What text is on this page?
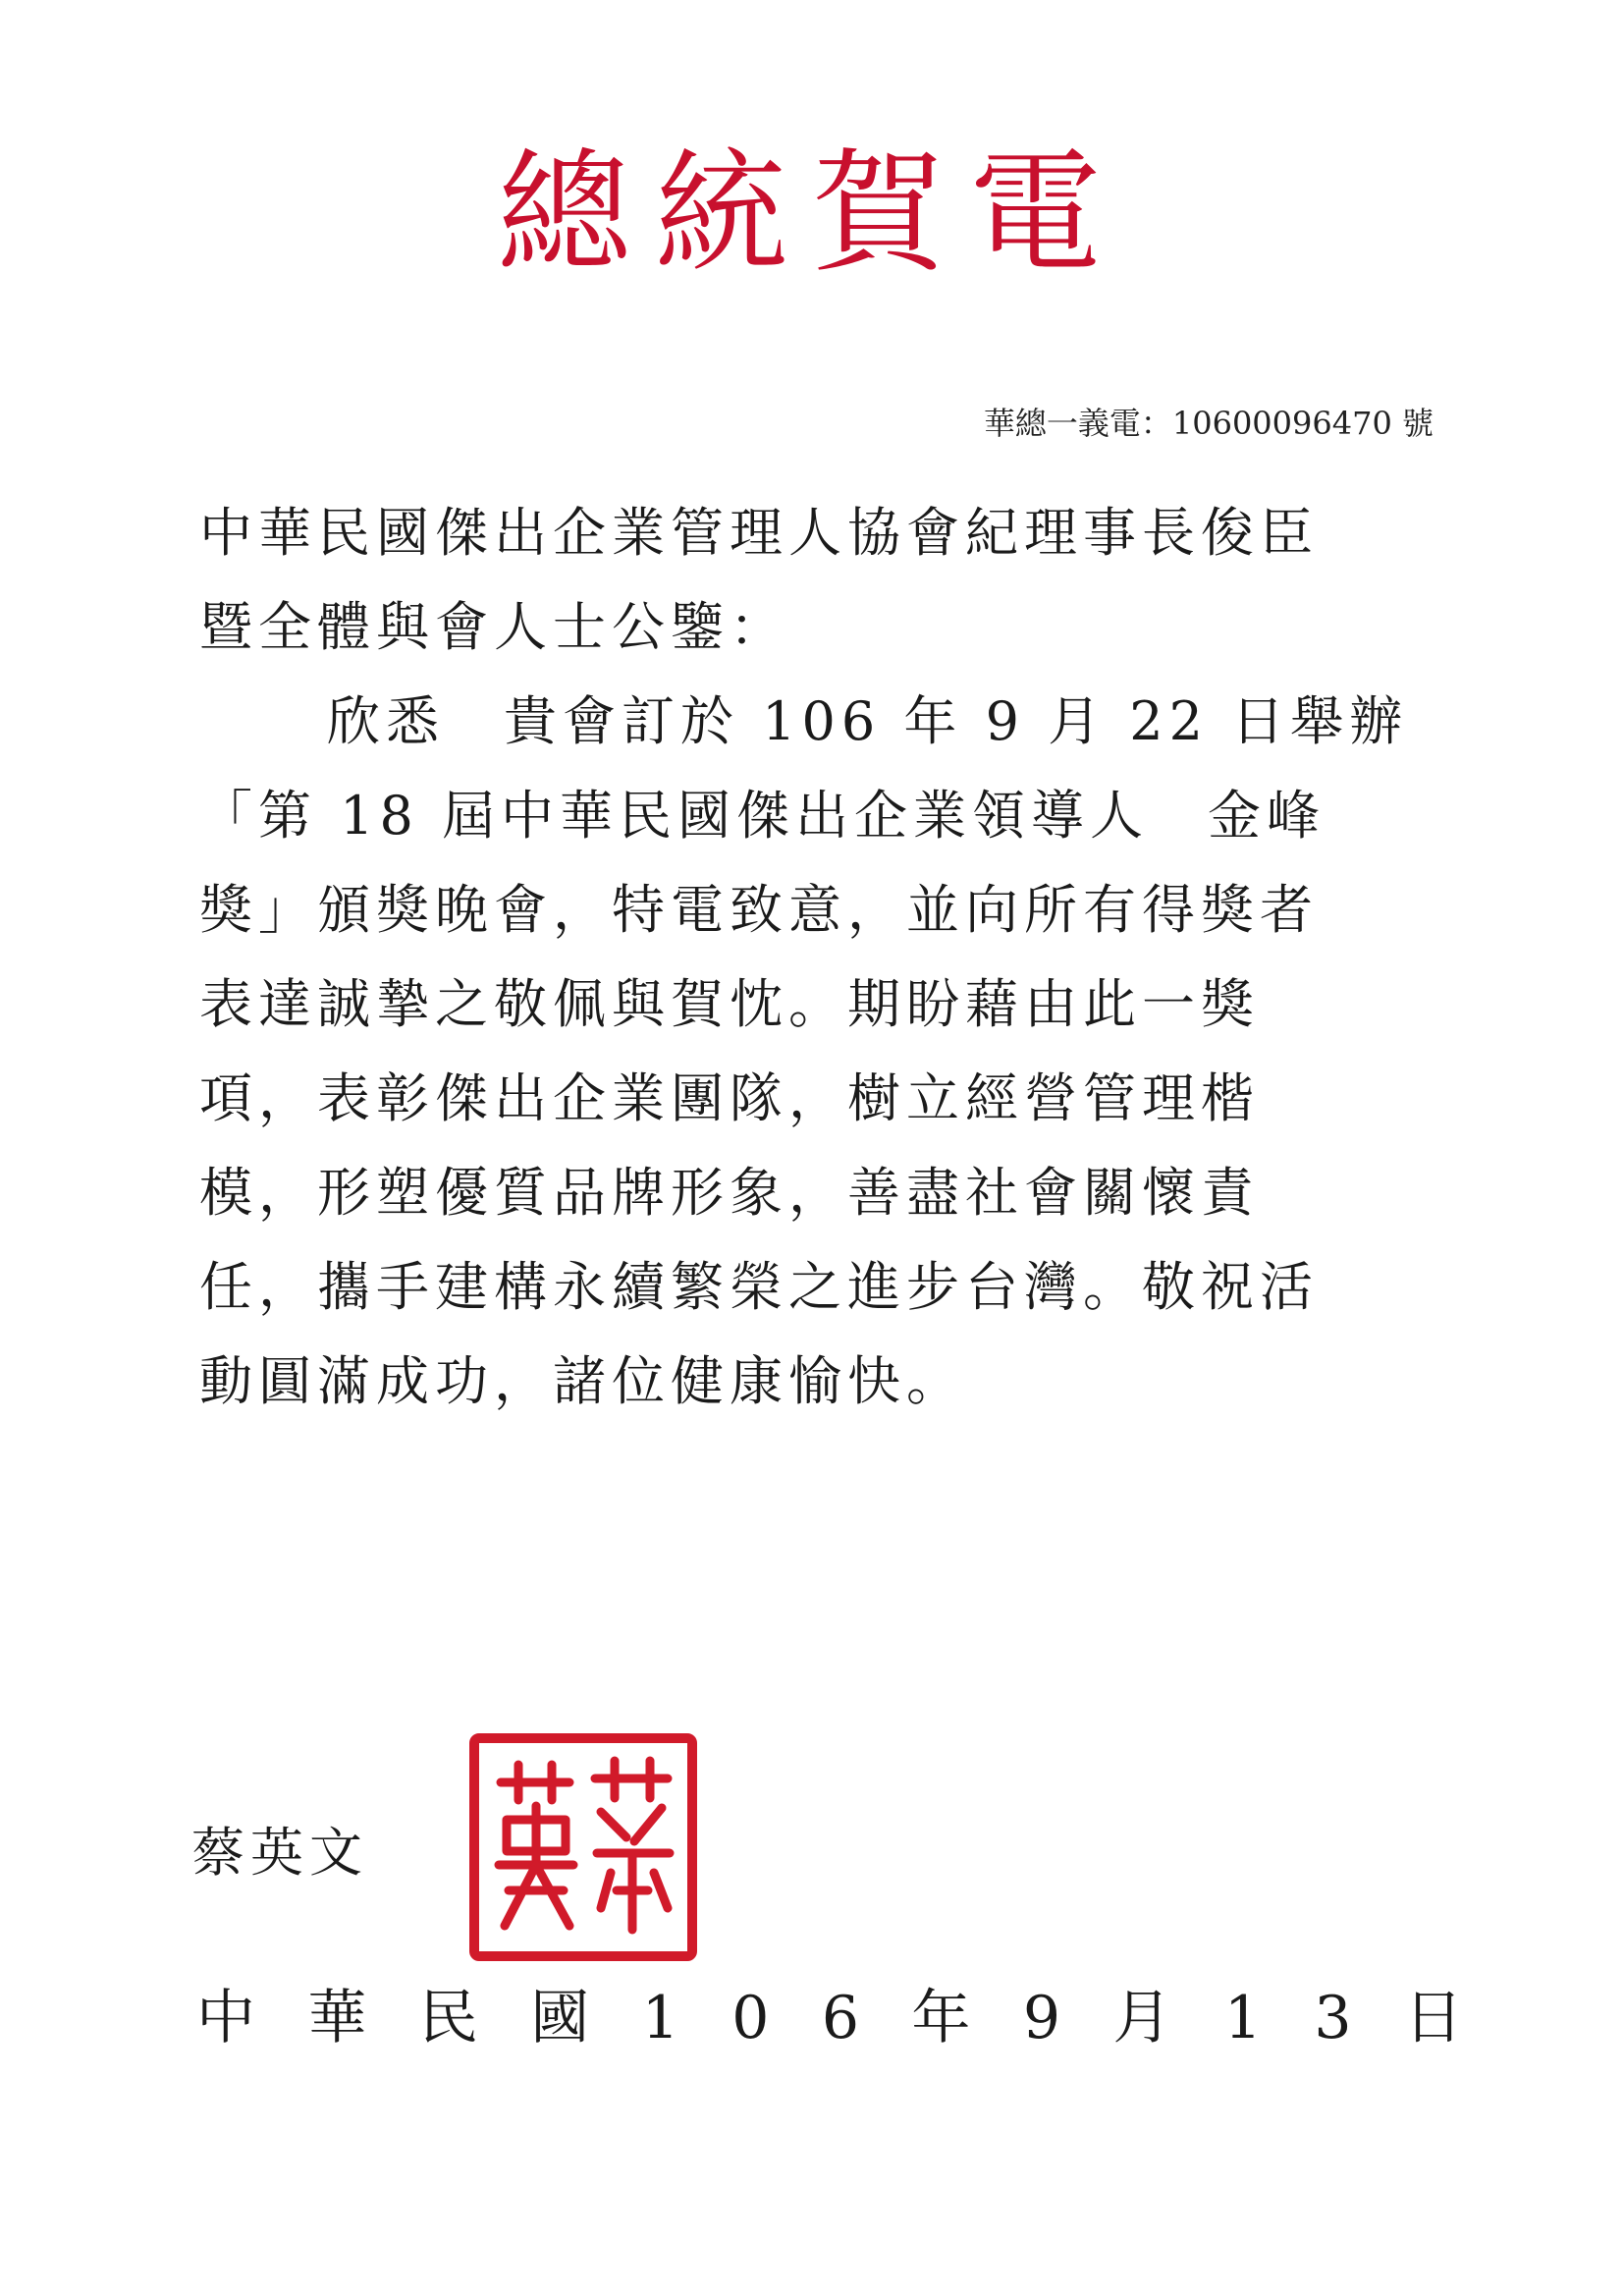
總統賀電
華總一義電：10600096470 號
中華民國傑出企業管理人協會紀理事長俊臣
暨全體與會人士公鑒：
欣悉　貴會訂於 106 年 9 月 22 日舉辦
「第 18 屆中華民國傑出企業領導人　金峰
獎」頒獎晚會，特電致意，並向所有得獎者
表達誠摯之敬佩與賀忱。期盼藉由此一獎
項，表彰傑出企業團隊，樹立經營管理楷
模，形塑優質品牌形象，善盡社會關懷責
任，攜手建構永續繁榮之進步台灣。敬祝活
動圓滿成功，諸位健康愉快。
蔡英文
中 華 民 國 1 0 6 年 9 月 1 3 日
